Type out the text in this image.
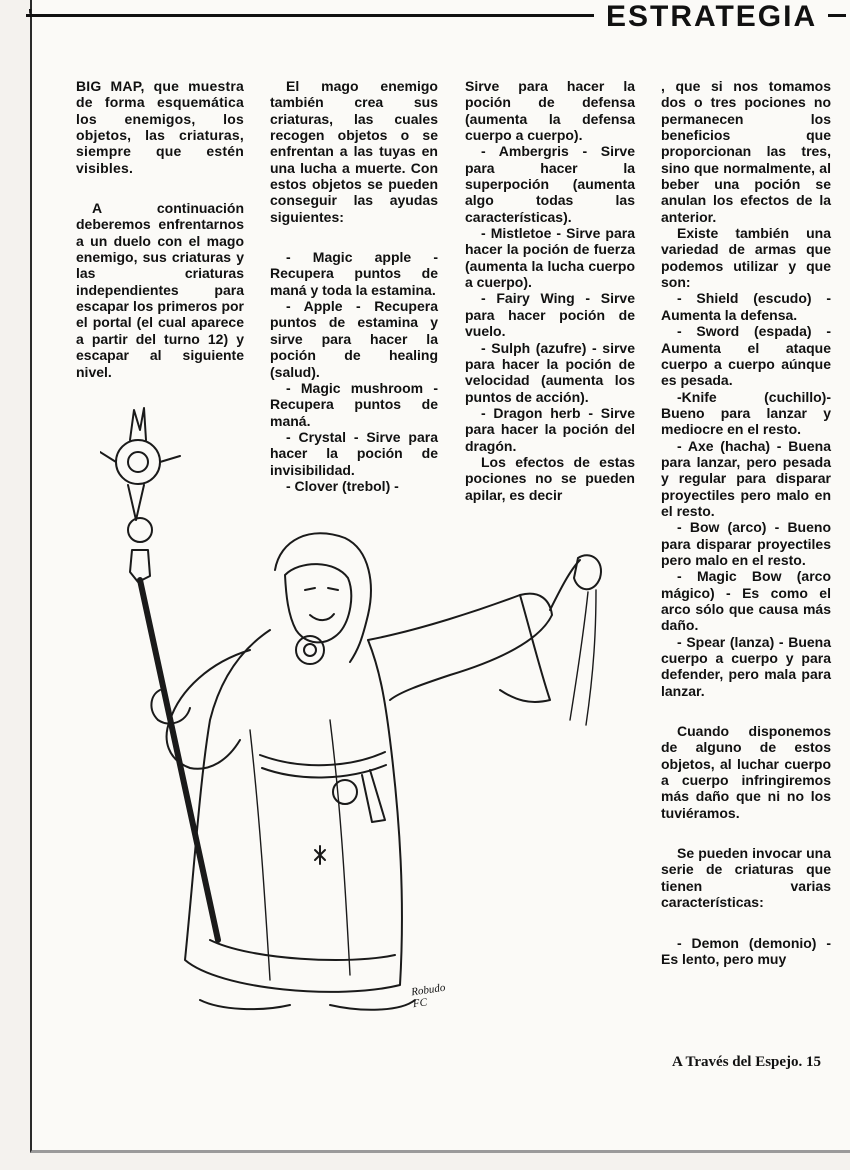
ESTRATEGIA

BIG MAP, que muestra de forma esquemática los enemigos, los objetos, las criaturas, siempre que estén visibles.

A continuación deberemos enfrentarnos a un duelo con el mago enemigo, sus criaturas y las criaturas independientes para escapar los primeros por el portal (el cual aparece a partir del turno 12) y escapar al siguiente nivel.

El mago enemigo también crea sus criaturas, las cuales recogen objetos o se enfrentan a las tuyas en una lucha a muerte. Con estos objetos se pueden conseguir las ayudas siguientes:

- Magic apple - Recupera puntos de maná y toda la estamina.

- Apple - Recupera puntos de estamina y sirve para hacer la poción de healing (salud).

- Magic mushroom - Recupera puntos de maná.

- Crystal - Sirve para hacer la poción de invisibilidad.

- Clover (trebol) -

Sirve para hacer la poción de defensa (aumenta la defensa cuerpo a cuerpo).

- Ambergris - Sirve para hacer la superpoción (aumenta algo todas las características).

- Mistletoe - Sirve para hacer la poción de fuerza (aumenta la lucha cuerpo a cuerpo).

- Fairy Wing - Sirve para hacer poción de vuelo.

- Sulph (azufre) - sirve para hacer la poción de velocidad (aumenta los puntos de acción).

- Dragon herb - Sirve para hacer la poción del dragón.

Los efectos de estas pociones no se pueden apilar, es decir

, que si nos tomamos dos o tres pociones no permanecen los beneficios que proporcionan las tres, sino que normalmente, al beber una poción se anulan los efectos de la anterior.

Existe también una variedad de armas que podemos utilizar y que son:

- Shield (escudo) - Aumenta la defensa.

- Sword (espada) - Aumenta el ataque cuerpo a cuerpo aúnque es pesada.

-Knife (cuchillo)- Bueno para lanzar y mediocre en el resto.

- Axe (hacha) - Buena para lanzar, pero pesada y regular para disparar proyectiles pero malo en el resto.

- Bow (arco) - Bueno para disparar proyectiles pero malo en el resto.

- Magic Bow (arco mágico) - Es como el arco sólo que causa más daño.

- Spear (lanza) - Buena cuerpo a cuerpo y para defender, pero mala para lanzar.

Cuando disponemos de alguno de estos objetos, al luchar cuerpo a cuerpo infringiremos más daño que ni no los tuviéramos.

Se pueden invocar una serie de criaturas que tienen varias características:

- Demon (demonio) - Es lento, pero muy

Robudo
FC
A Través del Espejo. 15
